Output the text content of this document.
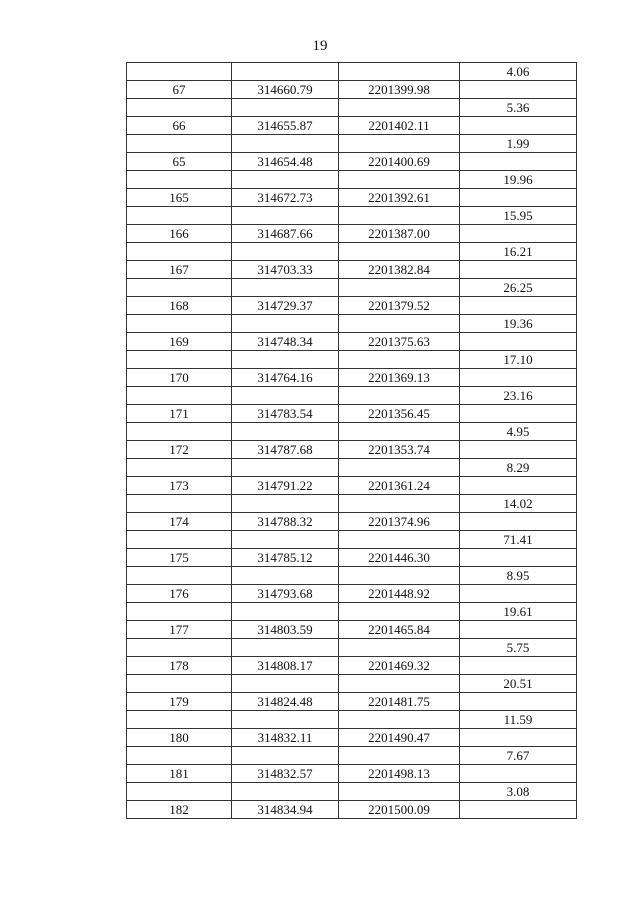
19
			4.06
67	314660.79	2201399.98	
			5.36
66	314655.87	2201402.11	
			1.99
65	314654.48	2201400.69	
			19.96
165	314672.73	2201392.61	
			15.95
166	314687.66	2201387.00	
			16.21
167	314703.33	2201382.84	
			26.25
168	314729.37	2201379.52	
			19.36
169	314748.34	2201375.63	
			17.10
170	314764.16	2201369.13	
			23.16
171	314783.54	2201356.45	
			4.95
172	314787.68	2201353.74	
			8.29
173	314791.22	2201361.24	
			14.02
174	314788.32	2201374.96	
			71.41
175	314785.12	2201446.30	
			8.95
176	314793.68	2201448.92	
			19.61
177	314803.59	2201465.84	
			5.75
178	314808.17	2201469.32	
			20.51
179	314824.48	2201481.75	
			11.59
180	314832.11	2201490.47	
			7.67
181	314832.57	2201498.13	
			3.08
182	314834.94	2201500.09	
